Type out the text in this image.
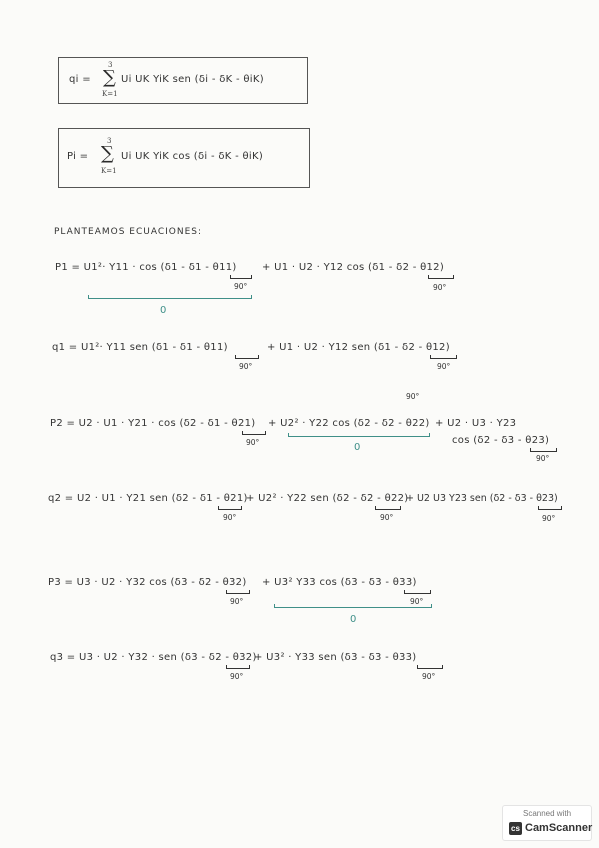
qi =
3
∑
K=1
Ui UK YiK sen (δi - δK - θiK)
Pi =
3
∑
K=1
Ui UK YiK cos (δi - δK - θiK)
PLANTEAMOS ECUACIONES:
P1 = U1²· Y11 · cos (δ1 - δ1 - θ11)
90°
+ U1 · U2 · Y12 cos (δ1 - δ2 - θ12)
90°
0
q1 = U1²· Y11 sen (δ1 - δ1 - θ11)
90°
+ U1 · U2 · Y12 sen (δ1 - δ2 - θ12)
90°
90°
P2 = U2 · U1 · Y21 · cos (δ2 - δ1 - θ21)
90°
+ U2² · Y22 cos (δ2 - δ2 - θ22)
0
+ U2 · U3 · Y23
cos (δ2 - δ3 - θ23)
90°
q2 = U2 · U1 · Y21 sen (δ2 - δ1 - θ21)
90°
+ U2² · Y22 sen (δ2 - δ2 - θ22)
90°
+ U2 U3 Y23 sen (δ2 - δ3 - θ23)
90°
P3 = U3 · U2 · Y32 cos (δ3 - δ2 - θ32)
90°
+ U3² Y33 cos (δ3 - δ3 - θ33)
90°
0
q3 = U3 · U2 · Y32 · sen (δ3 - δ2 - θ32)
90°
+ U3² · Y33 sen (δ3 - δ3 - θ33)
90°
Scanned with
cs CamScanner
